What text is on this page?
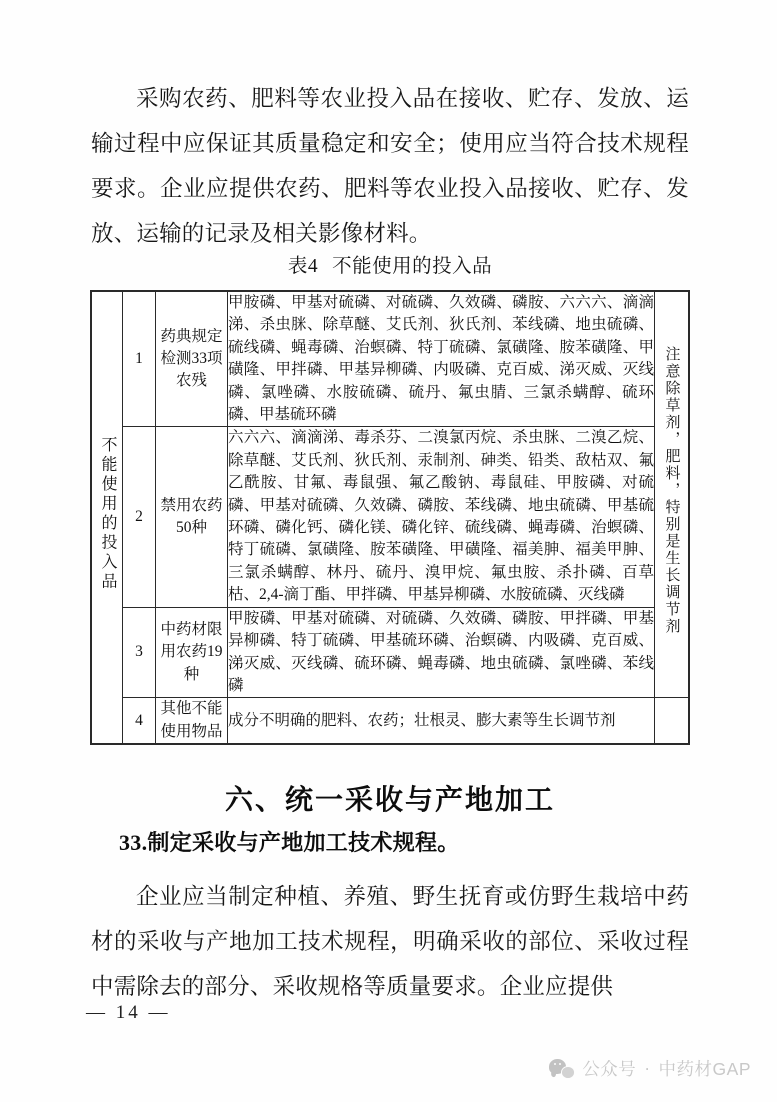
采购农药、肥料等农业投入品在接收、贮存、发放、运输过程中应保证其质量稳定和安全；使用应当符合技术规程要求。企业应提供农药、肥料等农业投入品接收、贮存、发放、运输的记录及相关影像材料。
表4 不能使用的投入品
不能使用的投入品	1	药典规定检测33项农残	甲胺磷、甲基对硫磷、对硫磷、久效磷、磷胺、六六六、滴滴涕、杀虫脒、除草醚、艾氏剂、狄氏剂、苯线磷、地虫硫磷、硫线磷、蝇毒磷、治螟磷、特丁硫磷、氯磺隆、胺苯磺隆、甲磺隆、甲拌磷、甲基异柳磷、内吸磷、克百威、涕灭威、灭线磷、氯唑磷、水胺硫磷、硫丹、氟虫腈、三氯杀螨醇、硫环磷、甲基硫环磷	注意除草剂，肥料，特别是生长调节剂
	2	禁用农药50种	六六六、滴滴涕、毒杀芬、二溴氯丙烷、杀虫脒、二溴乙烷、除草醚、艾氏剂、狄氏剂、汞制剂、砷类、铅类、敌枯双、氟乙酰胺、甘氟、毒鼠强、氟乙酸钠、毒鼠硅、甲胺磷、对硫磷、甲基对硫磷、久效磷、磷胺、苯线磷、地虫硫磷、甲基硫环磷、磷化钙、磷化镁、磷化锌、硫线磷、蝇毒磷、治螟磷、特丁硫磷、氯磺隆、胺苯磺隆、甲磺隆、福美胂、福美甲胂、三氯杀螨醇、林丹、硫丹、溴甲烷、氟虫胺、杀扑磷、百草枯、2,4-滴丁酯、甲拌磷、甲基异柳磷、水胺硫磷、灭线磷	
	3	中药材限用农药19种	甲胺磷、甲基对硫磷、对硫磷、久效磷、磷胺、甲拌磷、甲基异柳磷、特丁硫磷、甲基硫环磷、治螟磷、内吸磷、克百威、涕灭威、灭线磷、硫环磷、蝇毒磷、地虫硫磷、氯唑磷、苯线磷	
	4	其他不能使用物品	成分不明确的肥料、农药；壮根灵、膨大素等生长调节剂	
六、统一采收与产地加工
33.制定采收与产地加工技术规程。
企业应当制定种植、养殖、野生抚育或仿野生栽培中药材的采收与产地加工技术规程，明确采收的部位、采收过程中需除去的部分、采收规格等质量要求。企业应提供
— 14 —
公众号 · 中药材GAP
